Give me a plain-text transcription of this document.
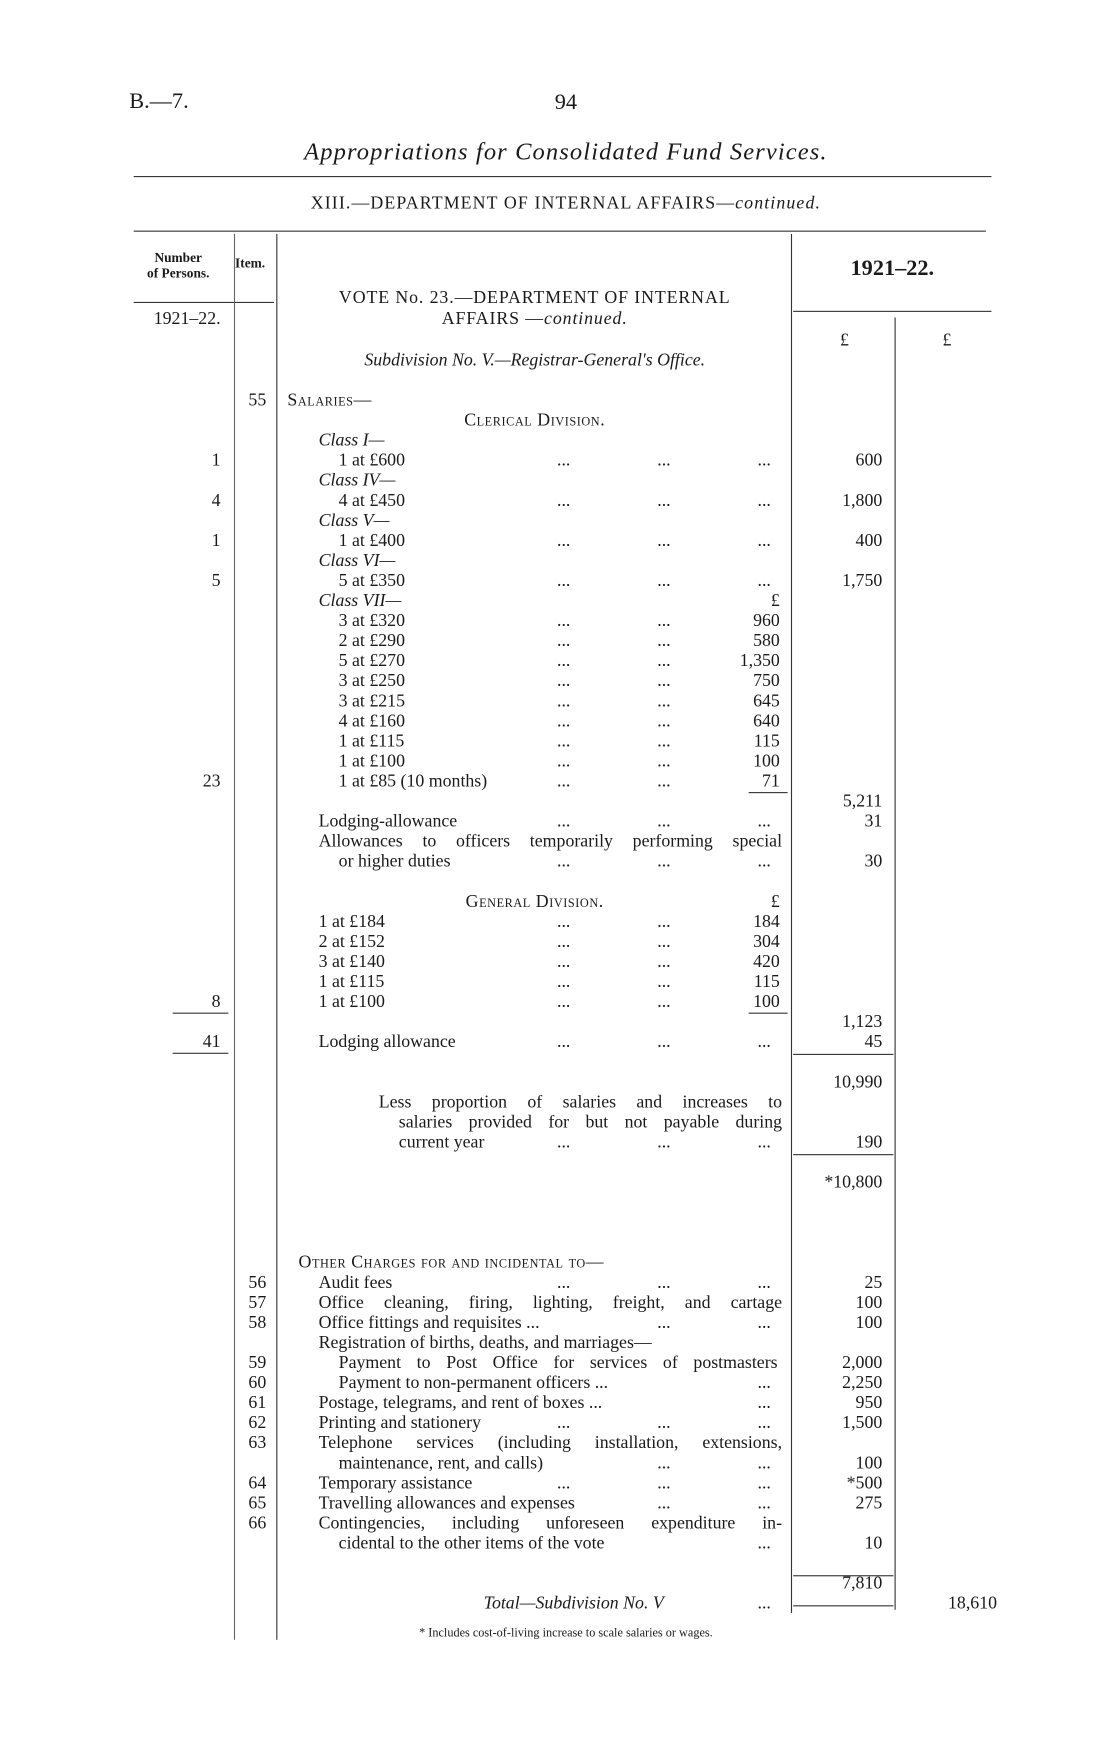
B.—7.	94
Appropriations for Consolidated Fund Services.
XIII.—DEPARTMENT OF INTERNAL AFFAIRS—continued.
Number
of Persons.
Item.	1921–22.
1921–22.
£	£
VOTE No. 23.—DEPARTMENT OF INTERNAL
AFFAIRS —continued.
Subdivision No. V.—Registrar-General's Office.
55 Salaries—
Clerical Division.
Class I—
1	1 at £600	...	...	...	600
Class IV—
4	4 at £450	...	...	...	1,800
Class V—
1	1 at £400	...	...	...	400
Class VI—
5	5 at £350	...	...	...	1,750
Class VII—	£
3 at £320	...	...	960
2 at £290	...	...	580
5 at £270	...	...	1,350
3 at £250	...	...	750
3 at £215	...	...	645
4 at £160	...	...	640
1 at £115	...	...	115
1 at £100	...	...	100
23	1 at £85 (10 months)	...	...	71
5,211
Lodging-allowance	...	...	...	31
Allowances to officers temporarily performing special
or higher duties	...	...	...	30
General Division.	£
1 at £184	...	...	184
2 at £152	...	...	304
3 at £140	...	...	420
1 at £115	...	...	115
8	1 at £100	...	...	100
1,123
41	Lodging allowance	...	...	...	45
10,990
Less proportion of salaries and increases to
salaries provided for but not payable during
current year	...	...	...	190
*10,800
Other Charges for and incidental to—
56	Audit fees	...	...	...	25
57	Office cleaning, firing, lighting, freight, and cartage	100
58	Office fittings and requisites ...	...	...	100
Registration of births, deaths, and marriages—
59	Payment to Post Office for services of postmasters	2,000
60	Payment to non-permanent officers ...	...	2,250
61	Postage, telegrams, and rent of boxes ...	...	950
62	Printing and stationery	...	...	...	1,500
63	Telephone services (including installation, extensions,
maintenance, rent, and calls)	...	...	100
64	Temporary assistance	...	...	...	*500
65	Travelling allowances and expenses	...	...	275
66	Contingencies, including unforeseen expenditure in-
cidental to the other items of the vote	...	10
7,810
Total—Subdivision No. V	...	18,610
* Includes cost-of-living increase to scale salaries or wages.
